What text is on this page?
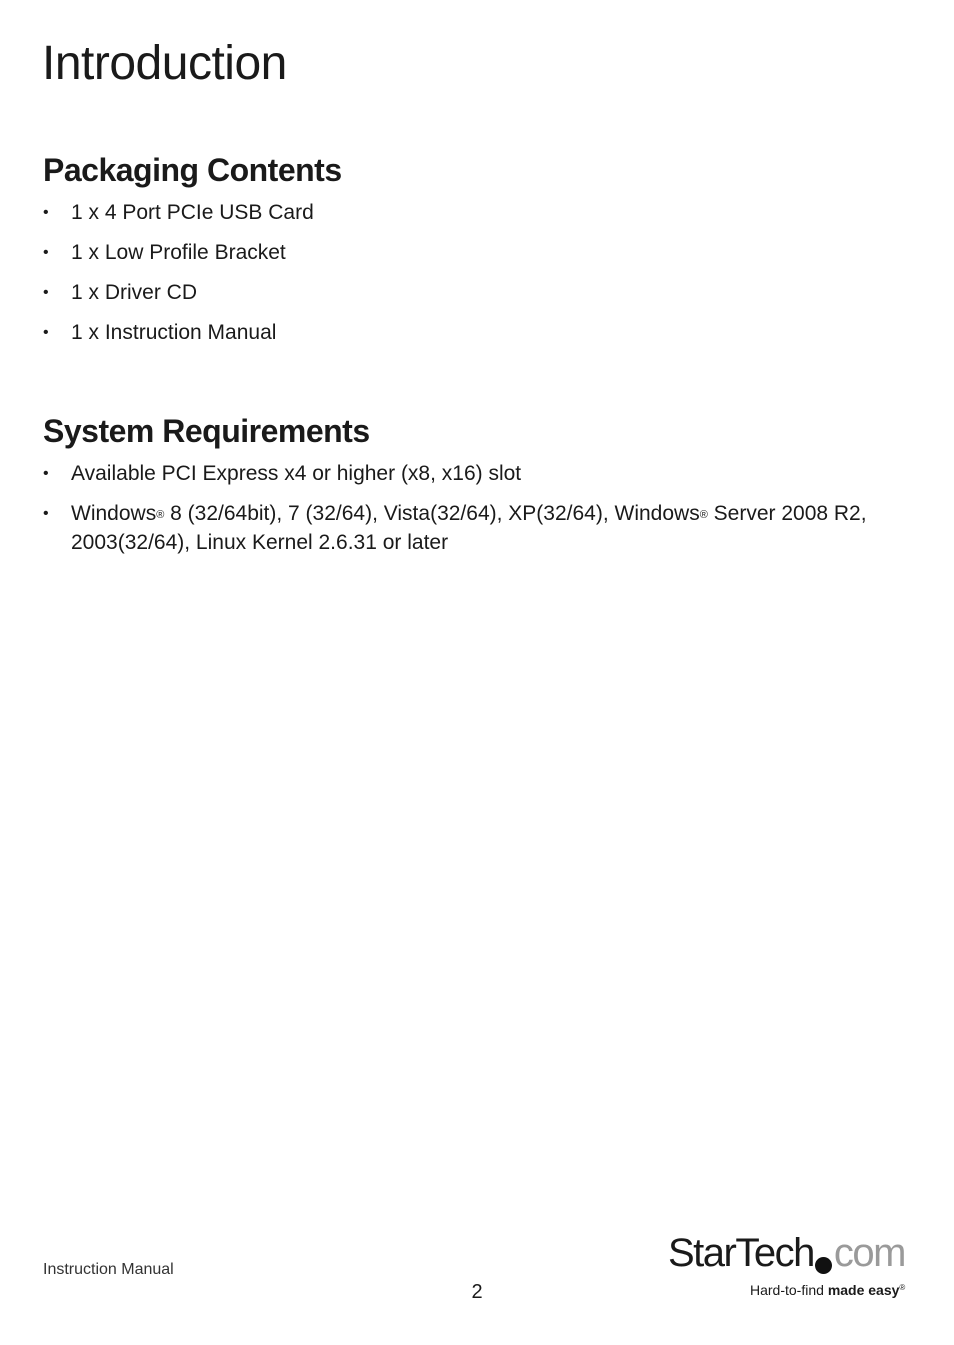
Introduction
Packaging Contents
• 1 x 4 Port PCIe USB Card
• 1 x Low Profile Bracket
• 1 x Driver CD
• 1 x Instruction Manual
System Requirements
• Available PCI Express x4 or higher (x8, x16) slot
• Windows® 8 (32/64bit), 7 (32/64), Vista(32/64), XP(32/64), Windows® Server 2008 R2, 2003(32/64), Linux Kernel 2.6.31 or later
Instruction Manual
2
StarTech com
Hard-to-find made easy®
